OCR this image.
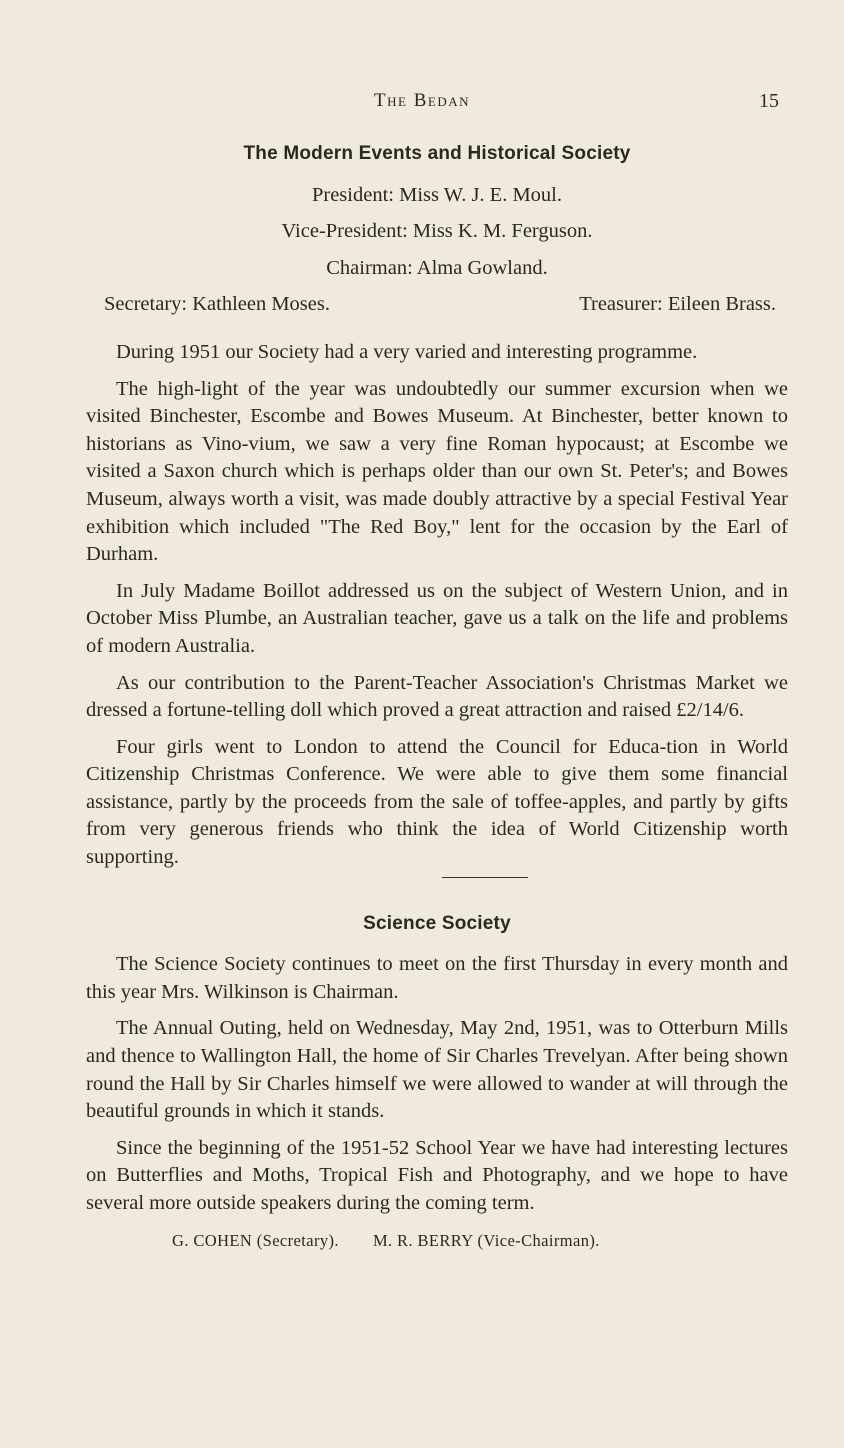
The Bedan	15
The Modern Events and Historical Society
President: Miss W. J. E. Moul.
Vice-President: Miss K. M. Ferguson.
Chairman: Alma Gowland.
Secretary: Kathleen Moses.	Treasurer: Eileen Brass.

During 1951 our Society had a very varied and interesting programme.

The high-light of the year was undoubtedly our summer excursion when we visited Binchester, Escombe and Bowes Museum. At Binchester, better known to historians as Vino-vium, we saw a very fine Roman hypocaust; at Escombe we visited a Saxon church which is perhaps older than our own St. Peter's; and Bowes Museum, always worth a visit, was made doubly attractive by a special Festival Year exhibition which included "The Red Boy," lent for the occasion by the Earl of Durham.

In July Madame Boillot addressed us on the subject of Western Union, and in October Miss Plumbe, an Australian teacher, gave us a talk on the life and problems of modern Australia.

As our contribution to the Parent-Teacher Association's Christmas Market we dressed a fortune-telling doll which proved a great attraction and raised £2/14/6.

Four girls went to London to attend the Council for Educa-tion in World Citizenship Christmas Conference. We were able to give them some financial assistance, partly by the proceeds from the sale of toffee-apples, and partly by gifts from very generous friends who think the idea of World Citizenship worth supporting.

Science Society

The Science Society continues to meet on the first Thursday in every month and this year Mrs. Wilkinson is Chairman.

The Annual Outing, held on Wednesday, May 2nd, 1951, was to Otterburn Mills and thence to Wallington Hall, the home of Sir Charles Trevelyan. After being shown round the Hall by Sir Charles himself we were allowed to wander at will through the beautiful grounds in which it stands.

Since the beginning of the 1951-52 School Year we have had interesting lectures on Butterflies and Moths, Tropical Fish and Photography, and we hope to have several more outside speakers during the coming term.

G. COHEN (Secretary). M. R. BERRY (Vice-Chairman).
